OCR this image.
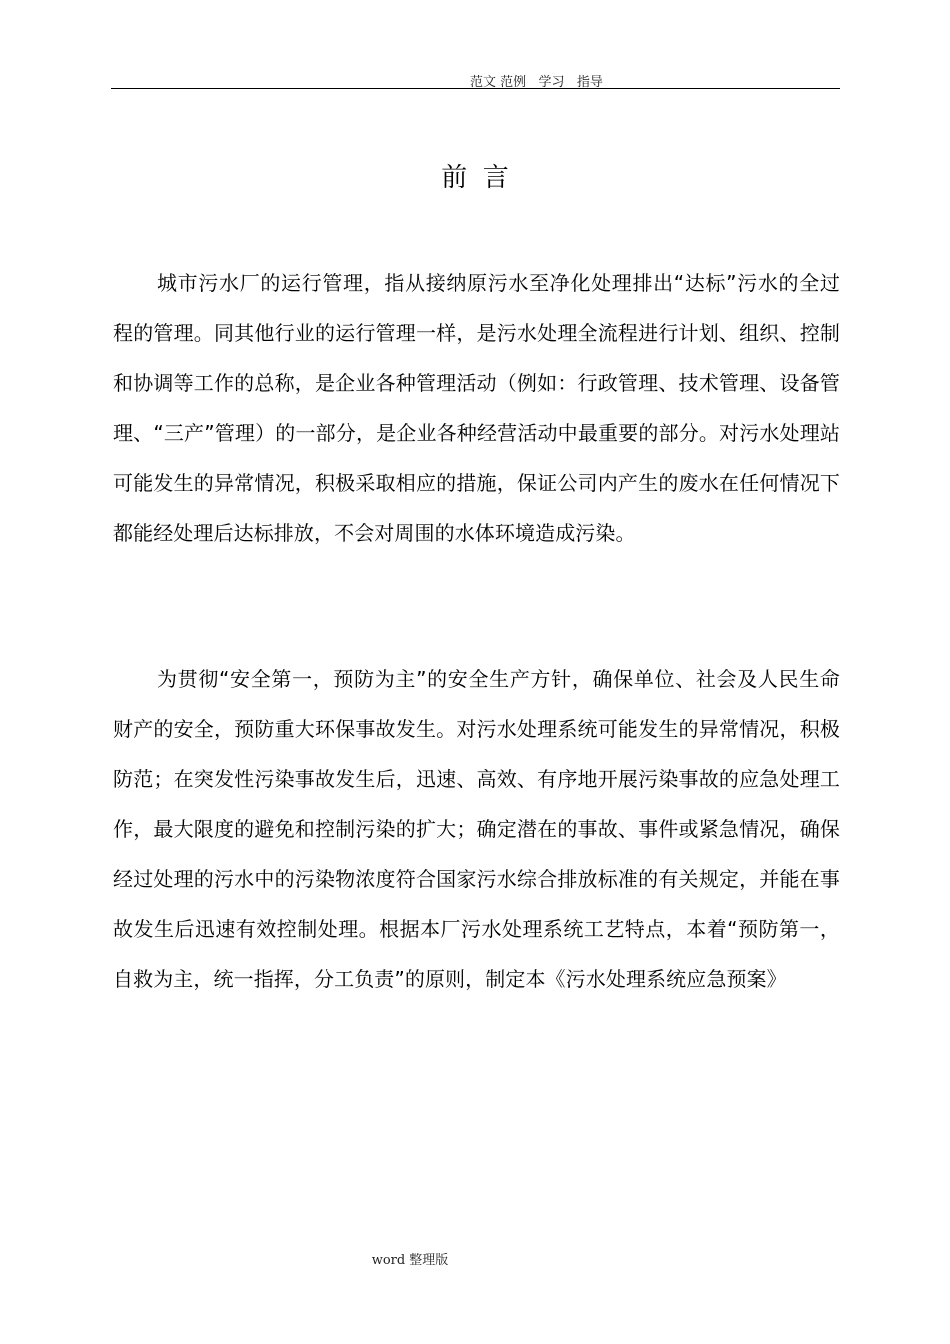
范文 范例   学习   指导
前言

城市污水厂的运行管理，指从接纳原污水至净化处理排出“达标”污水的全过程的管理。同其他行业的运行管理一样，是污水处理全流程进行计划、组织、控制和协调等工作的总称，是企业各种管理活动（例如：行政管理、技术管理、设备管理、“三产”管理）的一部分，是企业各种经营活动中最重要的部分。对污水处理站可能发生的异常情况，积极采取相应的措施，保证公司内产生的废水在任何情况下都能经处理后达标排放，不会对周围的水体环境造成污染。

为贯彻“安全第一，预防为主”的安全生产方针，确保单位、社会及人民生命财产的安全，预防重大环保事故发生。对污水处理系统可能发生的异常情况，积极防范；在突发性污染事故发生后，迅速、高效、有序地开展污染事故的应急处理工作，最大限度的避免和控制污染的扩大；确定潜在的事故、事件或紧急情况，确保经过处理的污水中的污染物浓度符合国家污水综合排放标准的有关规定，并能在事故发生后迅速有效控制处理。根据本厂污水处理系统工艺特点，本着“预防第一，自救为主，统一指挥，分工负责”的原则，制定本《污水处理系统应急预案》

word 整理版
